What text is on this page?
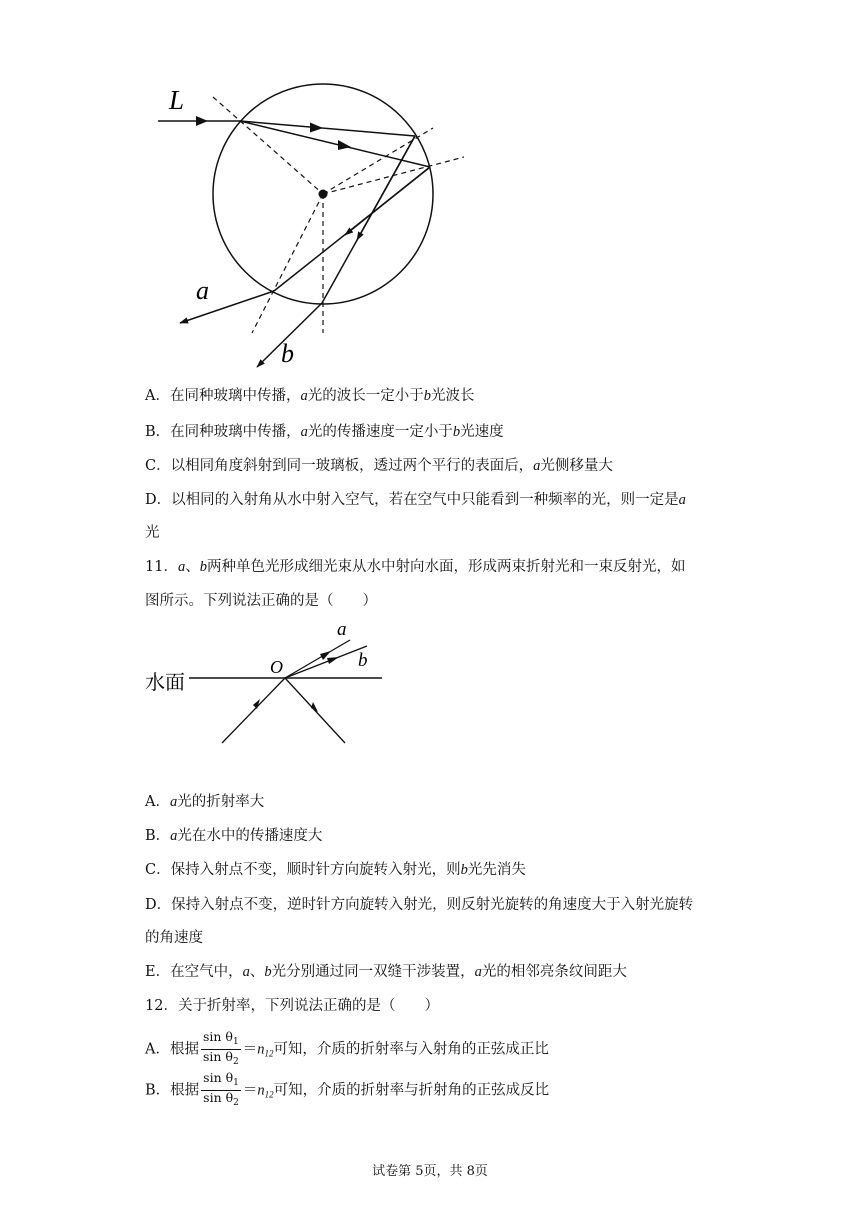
L
a
b
A．在同种玻璃中传播，a光的波长一定小于b光波长
B．在同种玻璃中传播，a光的传播速度一定小于b光速度
C．以相同角度斜射到同一玻璃板，透过两个平行的表面后，a光侧移量大
D．以相同的入射角从水中射入空气，若在空气中只能看到一种频率的光，则一定是a
光
11．a、b两种单色光形成细光束从水中射向水面，形成两束折射光和一束反射光，如
图所示。下列说法正确的是（　　）
水面
O
a
b
A．a光的折射率大
B．a光在水中的传播速度大
C．保持入射点不变，顺时针方向旋转入射光，则b光先消失
D．保持入射点不变，逆时针方向旋转入射光，则反射光旋转的角速度大于入射光旋转
的角速度
E．在空气中，a、b光分别通过同一双缝干涉装置，a光的相邻亮条纹间距大
12．关于折射率，下列说法正确的是（　　）
A．根据 $\frac{\sin \theta_1}{\sin \theta_2} =n_{12}$可知，介质的折射率与入射角的正弦成正比
B．根据 $\frac{\sin \theta_1}{\sin \theta_2} =n_{12}$可知，介质的折射率与折射角的正弦成反比
试卷第 5页，共 8页
